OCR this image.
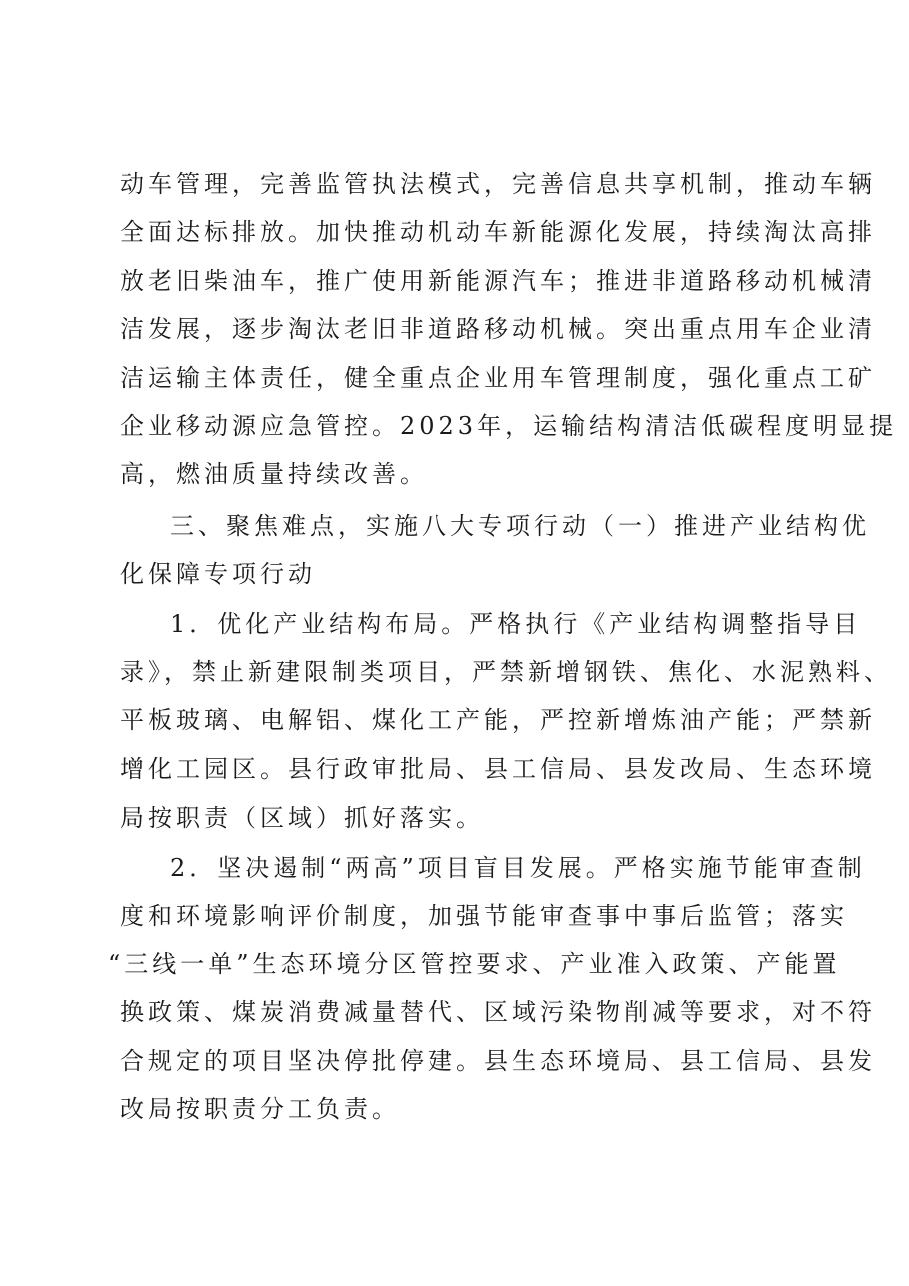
动车管理，完善监管执法模式，完善信息共享机制，推动车辆
全面达标排放。加快推动机动车新能源化发展，持续淘汰高排
放老旧柴油车，推广使用新能源汽车；推进非道路移动机械清
洁发展，逐步淘汰老旧非道路移动机械。突出重点用车企业清
洁运输主体责任，健全重点企业用车管理制度，强化重点工矿
企业移动源应急管控。2023年，运输结构清洁低碳程度明显提
高，燃油质量持续改善。
三、聚焦难点，实施八大专项行动（一）推进产业结构优
化保障专项行动
1．优化产业结构布局。严格执行《产业结构调整指导目
录》，禁止新建限制类项目，严禁新增钢铁、焦化、水泥熟料、
平板玻璃、电解铝、煤化工产能，严控新增炼油产能；严禁新
增化工园区。县行政审批局、县工信局、县发改局、生态环境
局按职责（区域）抓好落实。
2．坚决遏制“两高”项目盲目发展。严格实施节能审查制
度和环境影响评价制度，加强节能审查事中事后监管；落实
“三线一单”生态环境分区管控要求、产业准入政策、产能置
换政策、煤炭消费减量替代、区域污染物削减等要求，对不符
合规定的项目坚决停批停建。县生态环境局、县工信局、县发
改局按职责分工负责。
